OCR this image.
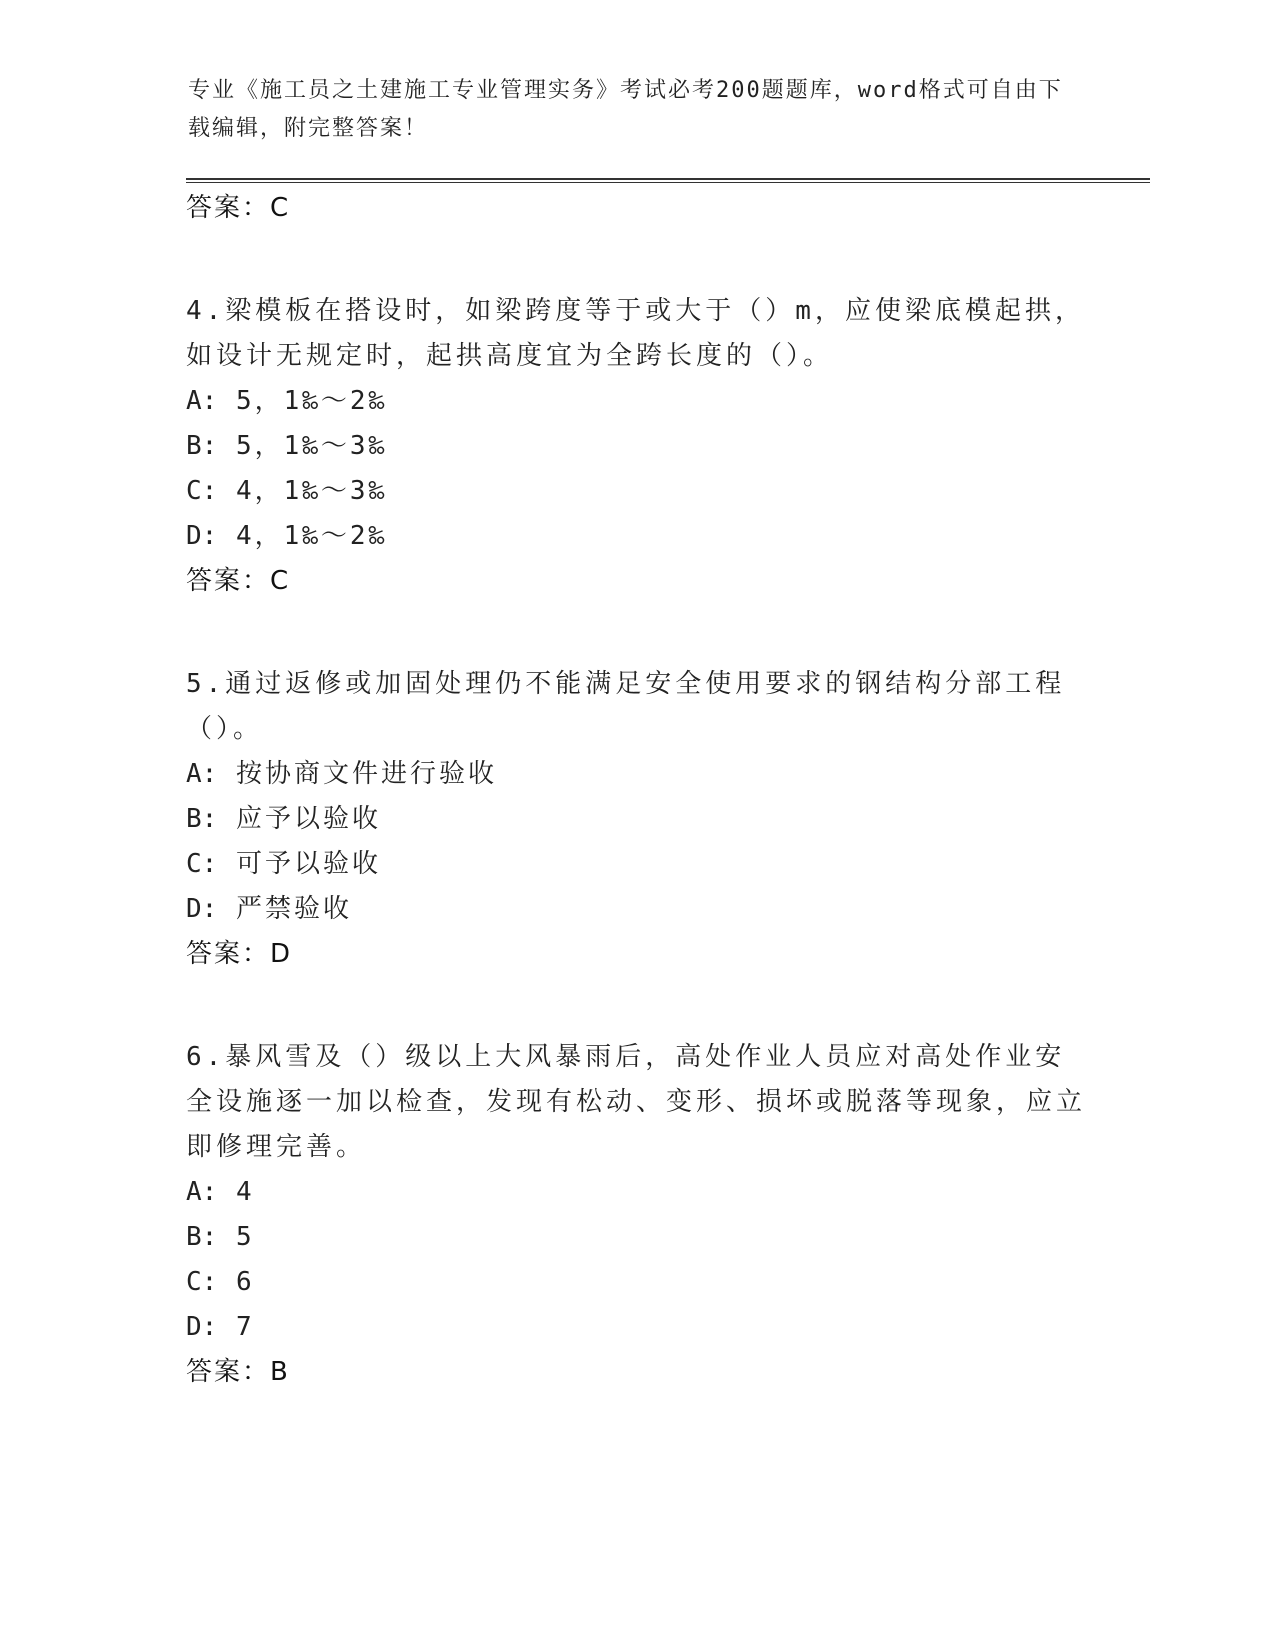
专业《施工员之土建施工专业管理实务》考试必考200题题库，word格式可自由下载编辑，附完整答案！
答案：C
4.梁模板在搭设时，如梁跨度等于或大于（）m，应使梁底模起拱，如设计无规定时，起拱高度宜为全跨长度的（）。
A: 5，1‰～2‰
B: 5，1‰～3‰
C: 4，1‰～3‰
D: 4，1‰～2‰
答案：C
5.通过返修或加固处理仍不能满足安全使用要求的钢结构分部工程（）。
A: 按协商文件进行验收
B: 应予以验收
C: 可予以验收
D: 严禁验收
答案：D
6.暴风雪及（）级以上大风暴雨后，高处作业人员应对高处作业安全设施逐一加以检查，发现有松动、变形、损坏或脱落等现象，应立即修理完善。
A: 4
B: 5
C: 6
D: 7
答案：B
